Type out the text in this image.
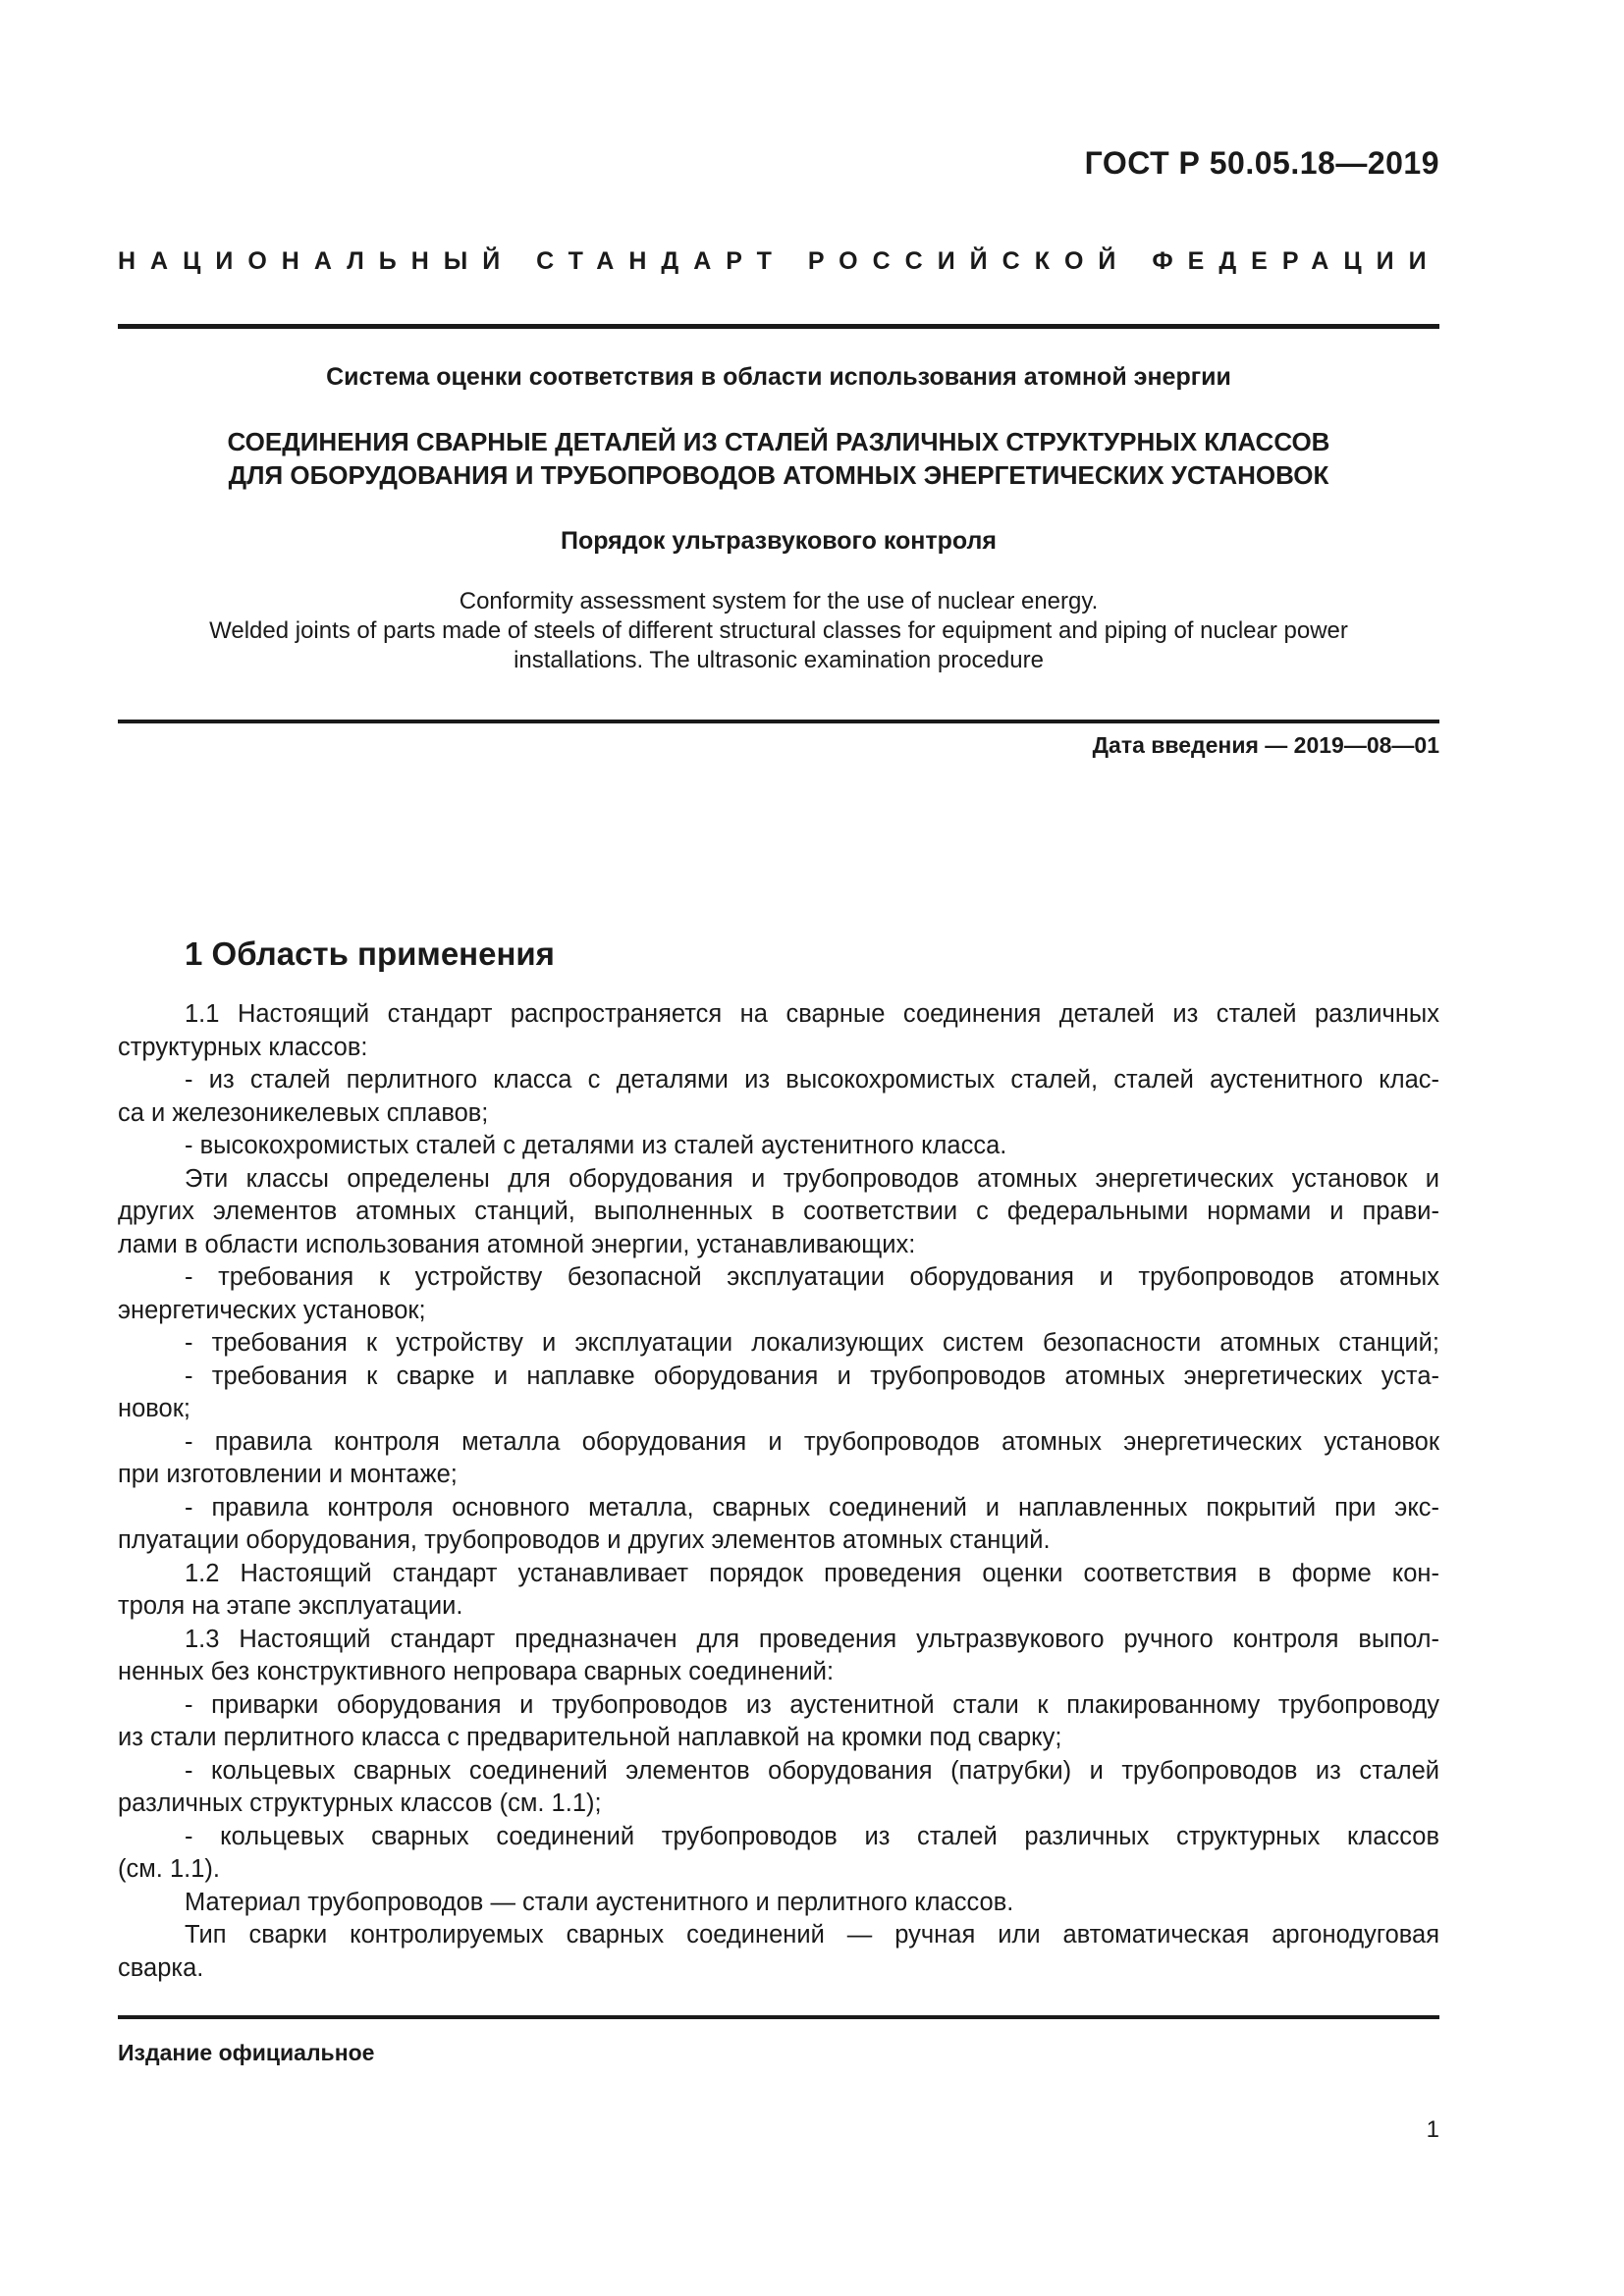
ГОСТ Р 50.05.18—2019
НАЦИОНАЛЬНЫЙ СТАНДАРТ РОССИЙСКОЙ ФЕДЕРАЦИИ
Система оценки соответствия в области использования атомной энергии
СОЕДИНЕНИЯ СВАРНЫЕ ДЕТАЛЕЙ ИЗ СТАЛЕЙ РАЗЛИЧНЫХ СТРУКТУРНЫХ КЛАССОВ
ДЛЯ ОБОРУДОВАНИЯ И ТРУБОПРОВОДОВ АТОМНЫХ ЭНЕРГЕТИЧЕСКИХ УСТАНОВОК
Порядок ультразвукового контроля
Conformity assessment system for the use of nuclear energy.
Welded joints of parts made of steels of different structural classes for equipment and piping of nuclear power
installations. The ultrasonic examination procedure
Дата введения — 2019—08—01
1 Область применения
1.1 Настоящий стандарт распространяется на сварные соединения деталей из сталей различных
структурных классов:
- из сталей перлитного класса с деталями из высокохромистых сталей, сталей аустенитного клас-
са и железоникелевых сплавов;
- высокохромистых сталей с деталями из сталей аустенитного класса.
Эти классы определены для оборудования и трубопроводов атомных энергетических установок и
других элементов атомных станций, выполненных в соответствии с федеральными нормами и прави-
лами в области использования атомной энергии, устанавливающих:
- требования к устройству безопасной эксплуатации оборудования и трубопроводов атомных
энергетических установок;
- требования к устройству и эксплуатации локализующих систем безопасности атомных станций;
- требования к сварке и наплавке оборудования и трубопроводов атомных энергетических уста-
новок;
- правила контроля металла оборудования и трубопроводов атомных энергетических установок
при изготовлении и монтаже;
- правила контроля основного металла, сварных соединений и наплавленных покрытий при экс-
плуатации оборудования, трубопроводов и других элементов атомных станций.
1.2 Настоящий стандарт устанавливает порядок проведения оценки соответствия в форме кон-
троля на этапе эксплуатации.
1.3 Настоящий стандарт предназначен для проведения ультразвукового ручного контроля выпол-
ненных без конструктивного непровара сварных соединений:
- приварки оборудования и трубопроводов из аустенитной стали к плакированному трубопроводу
из стали перлитного класса с предварительной наплавкой на кромки под сварку;
- кольцевых сварных соединений элементов оборудования (патрубки) и трубопроводов из сталей
различных структурных классов (см. 1.1);
- кольцевых сварных соединений трубопроводов из сталей различных структурных классов
(см. 1.1).
Материал трубопроводов — стали аустенитного и перлитного классов.
Тип сварки контролируемых сварных соединений — ручная или автоматическая аргонодуговая
сварка.
Издание официальное
1
